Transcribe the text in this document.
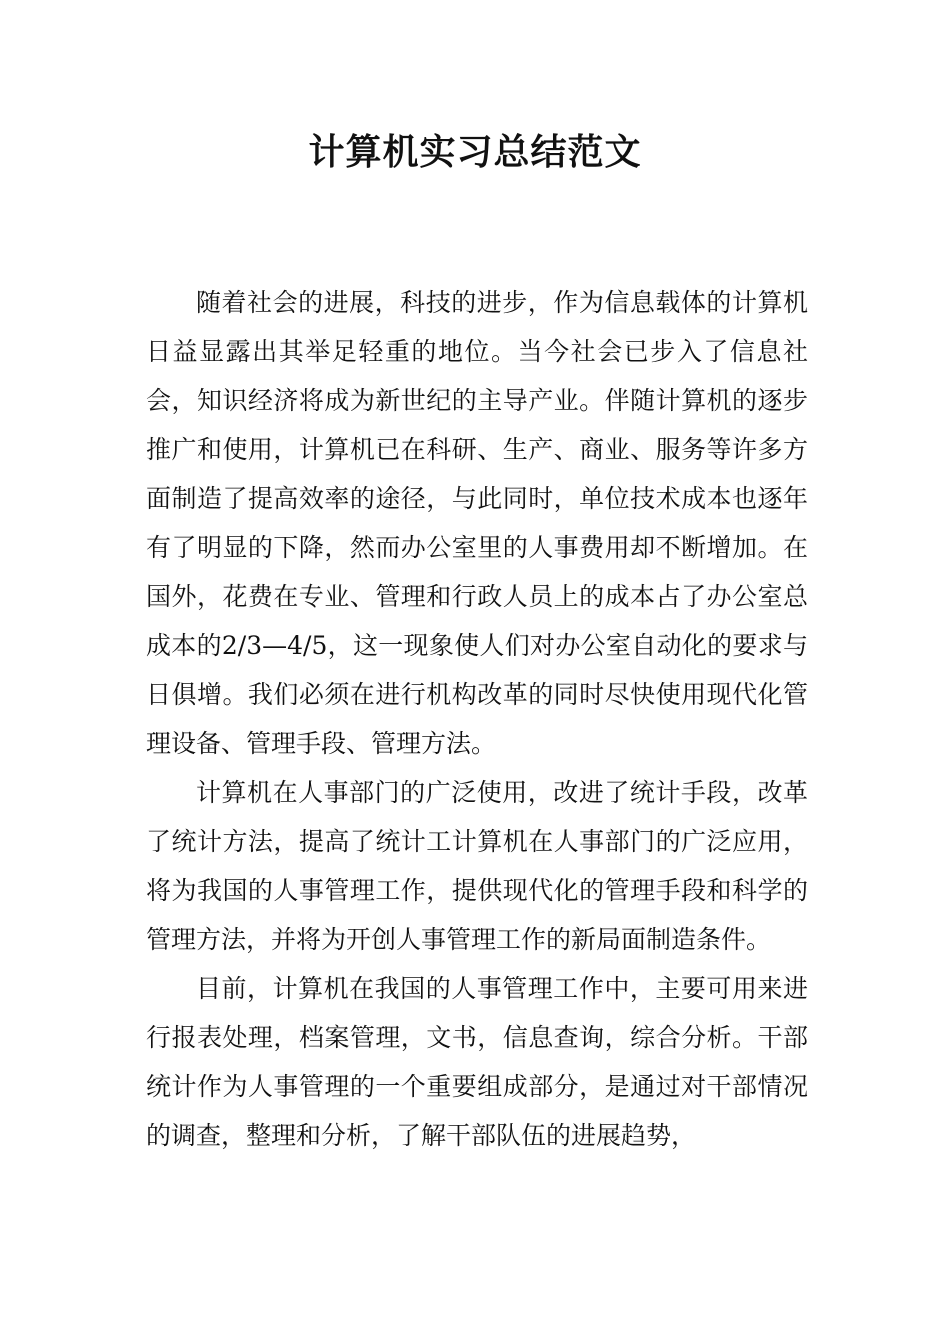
计算机实习总结范文

随着社会的进展，科技的进步，作为信息载体的计算机日益显露出其举足轻重的地位。当今社会已步入了信息社会，知识经济将成为新世纪的主导产业。伴随计算机的逐步推广和使用，计算机已在科研、生产、商业、服务等许多方面制造了提高效率的途径，与此同时，单位技术成本也逐年有了明显的下降，然而办公室里的人事费用却不断增加。在国外，花费在专业、管理和行政人员上的成本占了办公室总成本的2/3—4/5，这一现象使人们对办公室自动化的要求与日俱增。我们必须在进行机构改革的同时尽快使用现代化管理设备、管理手段、管理方法。

计算机在人事部门的广泛使用，改进了统计手段，改革了统计方法，提高了统计工计算机在人事部门的广泛应用，将为我国的人事管理工作，提供现代化的管理手段和科学的管理方法，并将为开创人事管理工作的新局面制造条件。

目前，计算机在我国的人事管理工作中，主要可用来进行报表处理，档案管理，文书，信息查询，综合分析。干部统计作为人事管理的一个重要组成部分，是通过对干部情况的调查，整理和分析，了解干部队伍的进展趋势，
